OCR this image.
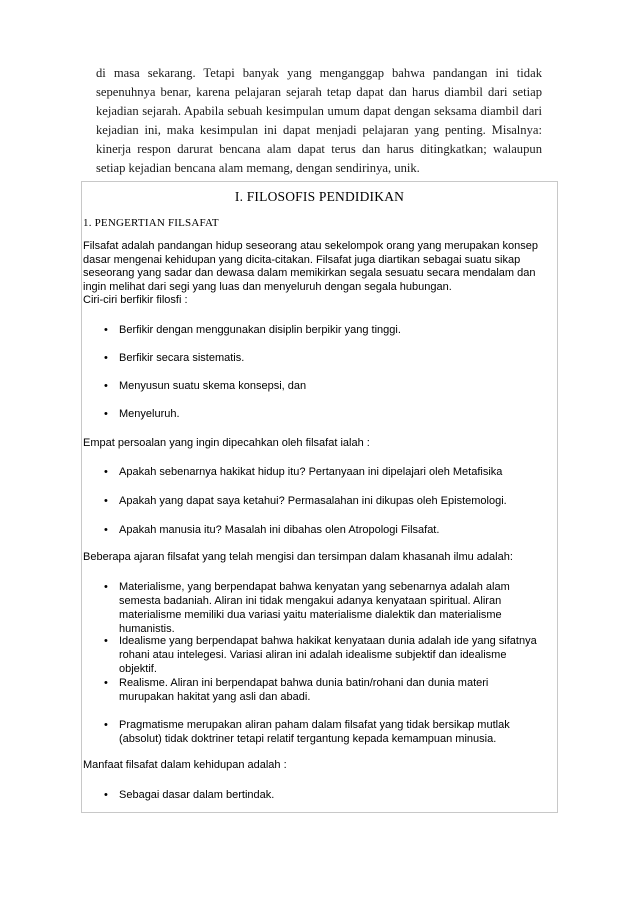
di masa sekarang. Tetapi banyak yang menganggap bahwa pandangan ini tidak sepenuhnya benar, karena pelajaran sejarah tetap dapat dan harus diambil dari setiap kejadian sejarah. Apabila sebuah kesimpulan umum dapat dengan seksama diambil dari kejadian ini, maka kesimpulan ini dapat menjadi pelajaran yang penting. Misalnya: kinerja respon darurat bencana alam dapat terus dan harus ditingkatkan; walaupun setiap kejadian bencana alam memang, dengan sendirinya, unik.

I. FILOSOFIS PENDIDIKAN
1. PENGERTIAN FILSAFAT
Filsafat adalah pandangan hidup seseorang atau sekelompok orang yang merupakan konsep dasar mengenai kehidupan yang dicita-citakan. Filsafat juga diartikan sebagai suatu sikap seseorang yang sadar dan dewasa dalam memikirkan segala sesuatu secara mendalam dan ingin melihat dari segi yang luas dan menyeluruh dengan segala hubungan.
Ciri-ciri berfikir filosfi :
• Berfikir dengan menggunakan disiplin berpikir yang tinggi.
• Berfikir secara sistematis.
• Menyusun suatu skema konsepsi, dan
• Menyeluruh.
Empat persoalan yang ingin dipecahkan oleh filsafat ialah :
• Apakah sebenarnya hakikat hidup itu? Pertanyaan ini dipelajari oleh Metafisika
• Apakah yang dapat saya ketahui? Permasalahan ini dikupas oleh Epistemologi.
• Apakah manusia itu? Masalah ini dibahas olen Atropologi Filsafat.
Beberapa ajaran filsafat yang telah mengisi dan tersimpan dalam khasanah ilmu adalah:
• Materialisme, yang berpendapat bahwa kenyatan yang sebenarnya adalah alam semesta badaniah. Aliran ini tidak mengakui adanya kenyataan spiritual. Aliran materialisme memiliki dua variasi yaitu materialisme dialektik dan materialisme humanistis.
• Idealisme yang berpendapat bahwa hakikat kenyataan dunia adalah ide yang sifatnya rohani atau intelegesi. Variasi aliran ini adalah idealisme subjektif dan idealisme objektif.
• Realisme. Aliran ini berpendapat bahwa dunia batin/rohani dan dunia materi murupakan hakitat yang asli dan abadi.
• Pragmatisme merupakan aliran paham dalam filsafat yang tidak bersikap mutlak (absolut) tidak doktriner tetapi relatif tergantung kepada kemampuan minusia.
Manfaat filsafat dalam kehidupan adalah :
• Sebagai dasar dalam bertindak.
